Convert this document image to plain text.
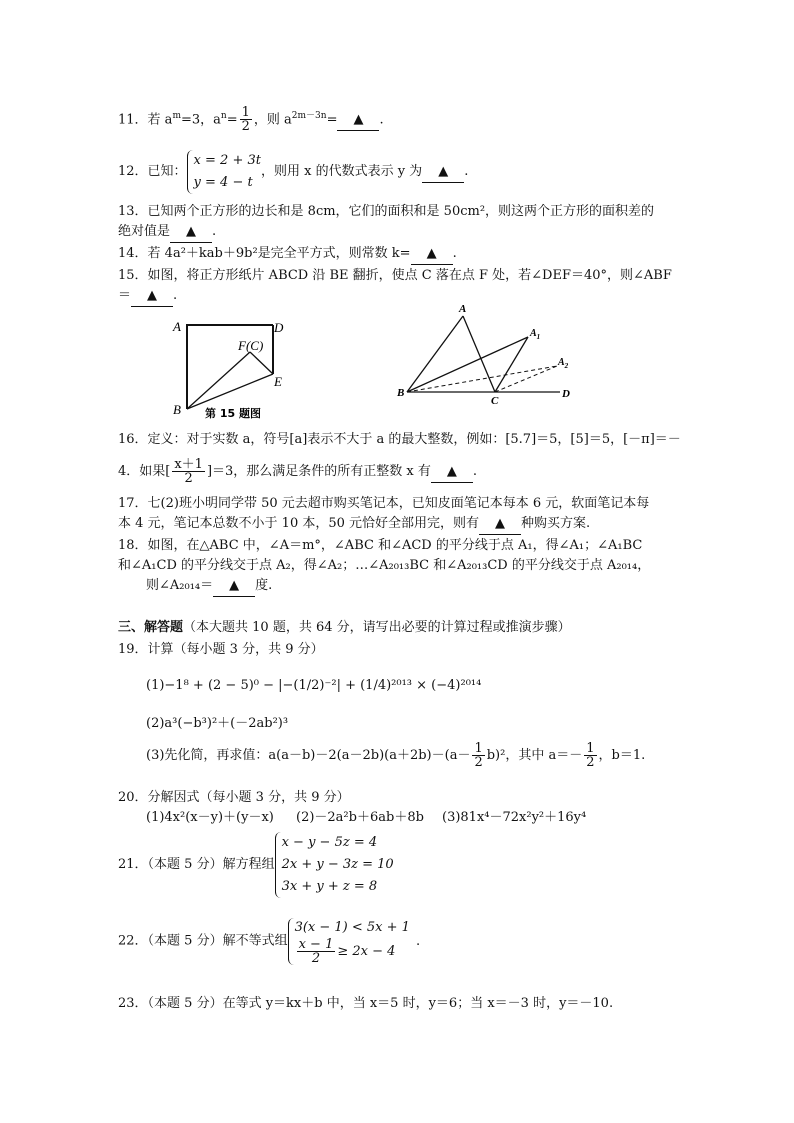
11．若 $a^m=3$，$a^n= \frac{1}{2}$ ，则 $a^{2m-3n}=$ ▲ .
12．已知：x = 2 + 3t
y = 4 − t，则用 x 的代数式表示 y 为 ▲ .
13．已知两个正方形的边长和是 8cm，它们的面积和是 50cm²，则这两个正方形的面积差的
绝对值是 ▲ .
14．若 4a²＋kab＋9b²是完全平方式，则常数 k= ▲ .
15．如图，将正方形纸片 ABCD 沿 BE 翻折，使点 C 落在点 F 处，若∠DEF＝40°，则∠ABF
＝ ▲ .
A	D
F(C)
E
B 第 15 题图
A
$A_1$
$A_2$
B
C
D
16．定义：对于实数 a，符号[a]表示不大于 a 的最大整数，例如：[5.7]＝5，[5]＝5，[－π]＝－
4．如果[ $\frac{x+1}{2} ]=3$，那么满足条件的所有正整数 x 有 ▲ .
17．七(2)班小明同学带 50 元去超市购买笔记本，已知皮面笔记本每本 6 元，软面笔记本每
本 4 元，笔记本总数不小于 10 本，50 元恰好全部用完，则有 ▲ 种购买方案.
18．如图，在△ABC 中，∠A＝m°，∠ABC 和∠ACD 的平分线于点 A₁，得∠A₁；∠A₁BC
和∠A₁CD 的平分线交于点 A₂，得∠A₂；…∠A₂₀₁₃BC 和∠A₂₀₁₃CD 的平分线交于点 A₂₀₁₄，
则∠A₂₀₁₄＝ ▲ 度.
三、解答题（本大题共 10 题，共 64 分，请写出必要的计算过程或推演步骤）
19．计算（每小题 3 分，共 9 分）
(1)−1⁸ + (2 − 5)⁰ − |−(1/2)⁻²| + (1/4)²⁰¹³ × (−4)²⁰¹⁴
(2)a³(−b³)²＋(－2ab²)³
(3)先化简，再求值：$a(a-b)-2(a-2b)(a+2b)-(a- \frac{1}{2} b)^2$，其中 $a=- \frac{1}{2}$ ，b＝1.
20．分解因式（每小题 3 分，共 9 分）
(1)4x²(x－y)＋(y－x) (2)－2a²b＋6ab＋8b (3)81x⁴－72x²y²＋16y⁴
21．（本题 5 分）解方程组x − y − 5z = 4
2x + y − 3z = 10
3x + y + z = 8
22．（本题 5 分）解不等式组3(x − 1) < 5x + 1

$\frac{x - 1}{2} \ge 2x - 4$.
23．（本题 5 分）在等式 y＝kx＋b 中，当 x＝5 时，y＝6；当 x＝－3 时，y＝－10.
